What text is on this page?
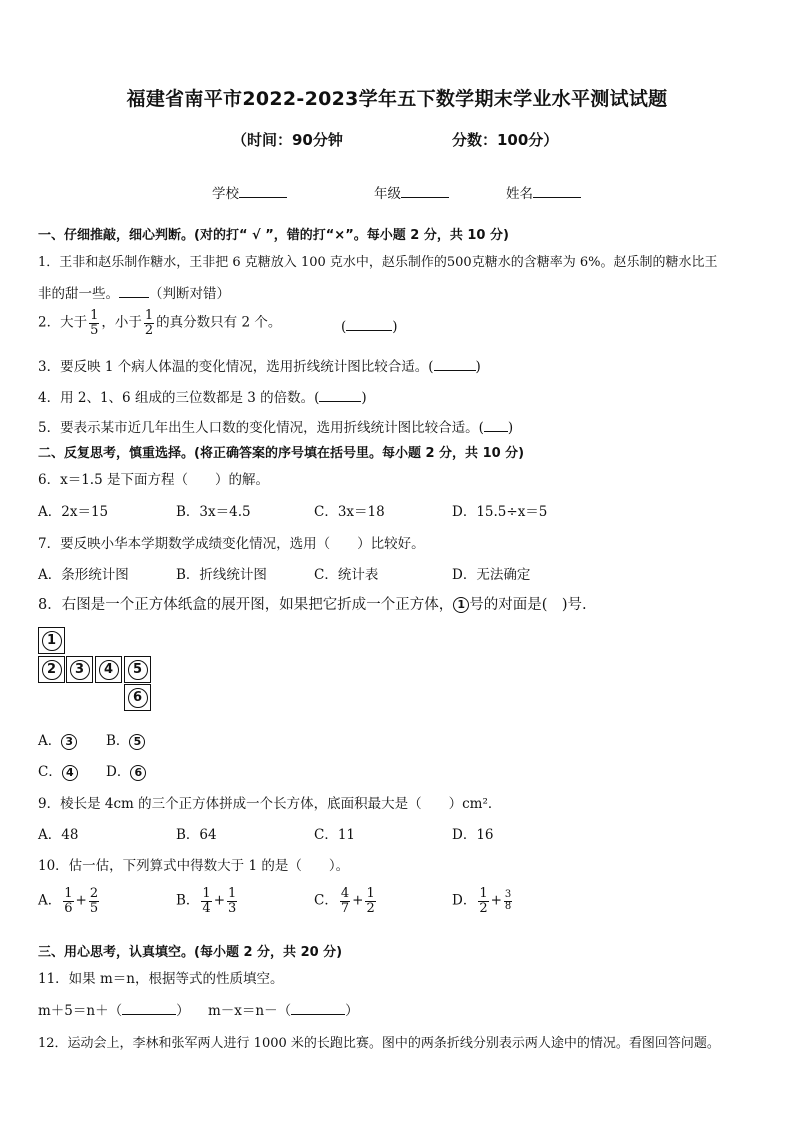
福建省南平市2022-2023学年五下数学期末学业水平测试试题
（时间：90分钟	分数：100分）
学校	年级	姓名
一、仔细推敲，细心判断。(对的打“ √ ”，错的打“×”。每小题 2 分，共 10 分)
1．王非和赵乐制作糖水，王非把 6 克糖放入 100 克水中，赵乐制作的500克糖水的含糖率为 6%。赵乐制的糖水比王
非的甜一些。 （判断对错）
2．大于 $\frac{1}{5}$ ，小于 $\frac{1}{2}$ 的真分数只有 2 个。	(	)
3．要反映 1 个病人体温的变化情况，选用折线统计图比较合适。(	)
4．用 2、1、6 组成的三位数都是 3 的倍数。(	)
5．要表示某市近几年出生人口数的变化情况，选用折线统计图比较合适。( )
二、反复思考，慎重选择。(将正确答案的序号填在括号里。每小题 2 分，共 10 分)
6．x＝1.5 是下面方程（　　）的解。
A．2x＝15	B．3x＝4.5	C．3x＝18	D．15.5÷x＝5
7．要反映小华本学期数学成绩变化情况，选用（　　）比较好。
A．条形统计图	B．折线统计图	C．统计表	D．无法确定
8．右图是一个正方体纸盒的展开图，如果把它折成一个正方体， 1 号的对面是(　)号.
1
2	3	4	5
6
A． 3	B． 5
C． 4	D． 6
9．棱长是 4cm 的三个正方体拼成一个长方体，底面积最大是（　　）cm²．
A．48	B．64	C．11	D．16
10．估一估，下列算式中得数大于 1 的是（　　）。
A． $\frac{1}{6} + \frac{2}{5}$	B． $\frac{1}{4} + \frac{1}{3}$	C． $\frac{4}{7} + \frac{1}{2}$	D． $\frac{1}{2} + \frac{3}{8}$
三、用心思考，认真填空。(每小题 2 分，共 20 分)
11．如果 m＝n，根据等式的性质填空。
m＋5＝n＋（	） m－x＝n－（	）
12．运动会上，李林和张军两人进行 1000 米的长跑比赛。图中的两条折线分别表示两人途中的情况。看图回答问题。
